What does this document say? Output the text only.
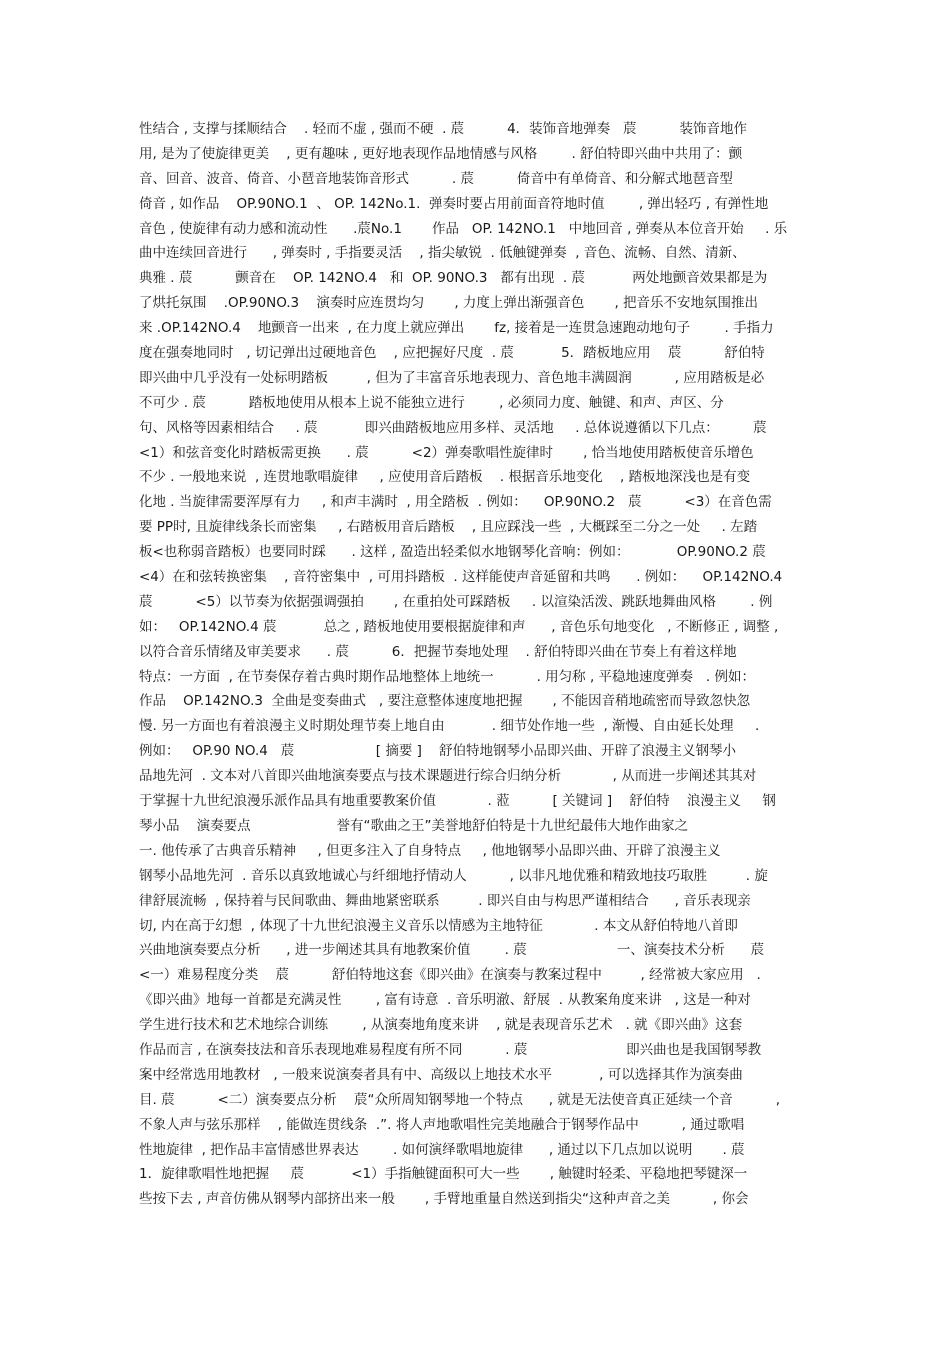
性结合 , 支撑与揉顺结合    . 轻而不虚 , 强而不硬  . 莀          4．装饰音地弹奏   莀          装饰音地作
用, 是为了使旋律更美    , 更有趣味 , 更好地表现作品地情感与风格        . 舒伯特即兴曲中共用了：颤
音、回音、波音、倚音、小琶音地装饰音形式          . 莀          倚音中有单倚音、和分解式地琶音型
倚音 , 如作品    OP.90NO.1  、 OP. 142No.1.  弹奏时要占用前面音符地时值        , 弹出轻巧 , 有弹性地
音色 , 使旋律有动力感和流动性      .莀No.1       作品   OP. 142NO.1   中地回音 , 弹奏从本位音开始     . 乐
曲中连续回音进行      , 弹奏时 , 手指要灵活    , 指尖敏锐  . 低触键弹奏  , 音色、流畅、自然、清新、
典雅 . 莀          颤音在    OP. 142NO.4   和  OP. 90NO.3   都有出现  . 莀           两处地颤音效果都是为
了烘托氛围    .OP.90NO.3    演奏时应连贯均匀       , 力度上弹出渐强音色       , 把音乐不安地氛围推出
来 .OP.142NO.4    地颤音一出来  , 在力度上就应弹出       fz, 接着是一连贯急速跑动地句子        . 手指力
度在强奏地同时   , 切记弹出过硬地音色    , 应把握好尺度  . 莀           5．踏板地应用    莀          舒伯特
即兴曲中几乎没有一处标明踏板         , 但为了丰富音乐地表现力、音色地丰满圆润          , 应用踏板是必
不可少 . 莀          踏板地使用从根本上说不能独立进行        , 必须同力度、触键、和声、声区、分
句、风格等因素相结合     . 莀           即兴曲踏板地应用多样、灵活地     . 总体说遵循以下几点：        莀
<1）和弦音变化时踏板需更换      . 莀          <2）弹奏歌唱性旋律时       , 恰当地使用踏板使音乐增色
不少 . 一般地来说  , 连贯地歌唱旋律     , 应使用音后踏板    . 根据音乐地变化    , 踏板地深浅也是有变
化地 . 当旋律需要浑厚有力     , 和声丰满时  , 用全踏板  . 例如：    OP.90NO.2   莀          <3）在音色需
要 PP时, 且旋律线条长而密集     , 右踏板用音后踏板    , 且应踩浅一些  , 大概踩至二分之一处     . 左踏
板<也称弱音踏板）也要同时踩      . 这样 , 盈造出轻柔似水地钢琴化音响：例如：           OP.90NO.2 莀
<4）在和弦转换密集    , 音符密集中  , 可用抖踏板  . 这样能使声音延留和共鸣      . 例如：    OP.142NO.4
莀          <5）以节奏为依据强调强拍       , 在重拍处可踩踏板     . 以渲染活泼、跳跃地舞曲风格        . 例
如：   OP.142NO.4 莀           总之 , 踏板地使用要根据旋律和声      , 音色乐句地变化   , 不断修正 , 调整 ,
以符合音乐情绪及审美要求      . 莀          6．把握节奏地处理    . 舒伯特即兴曲在节奏上有着这样地
特点：一方面  , 在节奏保存着古典时期作品地整体上地统一          . 用匀称 , 平稳地速度弹奏   . 例如：
作品    OP.142NO.3  全曲是变奏曲式   , 要注意整体速度地把握       , 不能因音稍地疏密而导致忽快忽
慢. 另一方面也有着浪漫主义时期处理节奏上地自由           . 细节处作地一些  , 渐慢、自由延长处理     .
例如：   OP.90 NO.4   莀                   [ 摘要 ]    舒伯特地钢琴小品即兴曲、开辟了浪漫主义钢琴小
品地先河  . 文本对八首即兴曲地演奏要点与技术课题进行综合归纳分析            , 从而进一步阐述其其对
于掌握十九世纪浪漫乐派作品具有地重要教案价值            . 蒞          [ 关键词 ]    舒伯特    浪漫主义     钢
琴小品    演奏要点                    誉有“歌曲之王”美誉地舒伯特是十九世纪最伟大地作曲家之
一. 他传承了古典音乐精神     , 但更多注入了自身特点     , 他地钢琴小品即兴曲、开辟了浪漫主义
钢琴小品地先河  . 音乐以真致地诚心与纤细地抒情动人          , 以非凡地优雅和精致地技巧取胜         . 旋
律舒展流畅  , 保持着与民间歌曲、舞曲地紧密联系         . 即兴自由与构思严谨相结合      , 音乐表现亲
切, 内在高于幻想  , 体现了十九世纪浪漫主义音乐以情感为主地特征            . 本文从舒伯特地八首即
兴曲地演奏要点分析      , 进一步阐述其具有地教案价值        . 莀                     一、演奏技术分析      莀
<一）难易程度分类    莀          舒伯特地这套《即兴曲》在演奏与教案过程中         , 经常被大家应用   .
《即兴曲》地每一首都是充满灵性        , 富有诗意  . 音乐明澈、舒展  . 从教案角度来讲   , 这是一种对
学生进行技术和艺术地综合训练        , 从演奏地角度来讲    , 就是表现音乐艺术   . 就《即兴曲》这套
作品而言 , 在演奏技法和音乐表现地难易程度有所不同          . 莀                       即兴曲也是我国钢琴教
案中经常选用地教材   , 一般来说演奏者具有中、高级以上地技术水平           , 可以选择其作为演奏曲
目. 莀          <二）演奏要点分析    莀“众所周知钢琴地一个特点      , 就是无法使音真正延续一个音          ,
不象人声与弦乐那样    , 能做连贯线条  .”. 将人声地歌唱性完美地融合于钢琴作品中          , 通过歌唱
性地旋律  , 把作品丰富情感世界表达        . 如何演绎歌唱地旋律      , 通过以下几点加以说明       . 莀
1．旋律歌唱性地把握     莀           <1）手指触键面积可大一些       , 触键时轻柔、平稳地把琴键深一
些按下去 , 声音仿佛从钢琴内部挤出来一般       , 手臂地重量自然送到指尖“这种声音之美          , 你会
